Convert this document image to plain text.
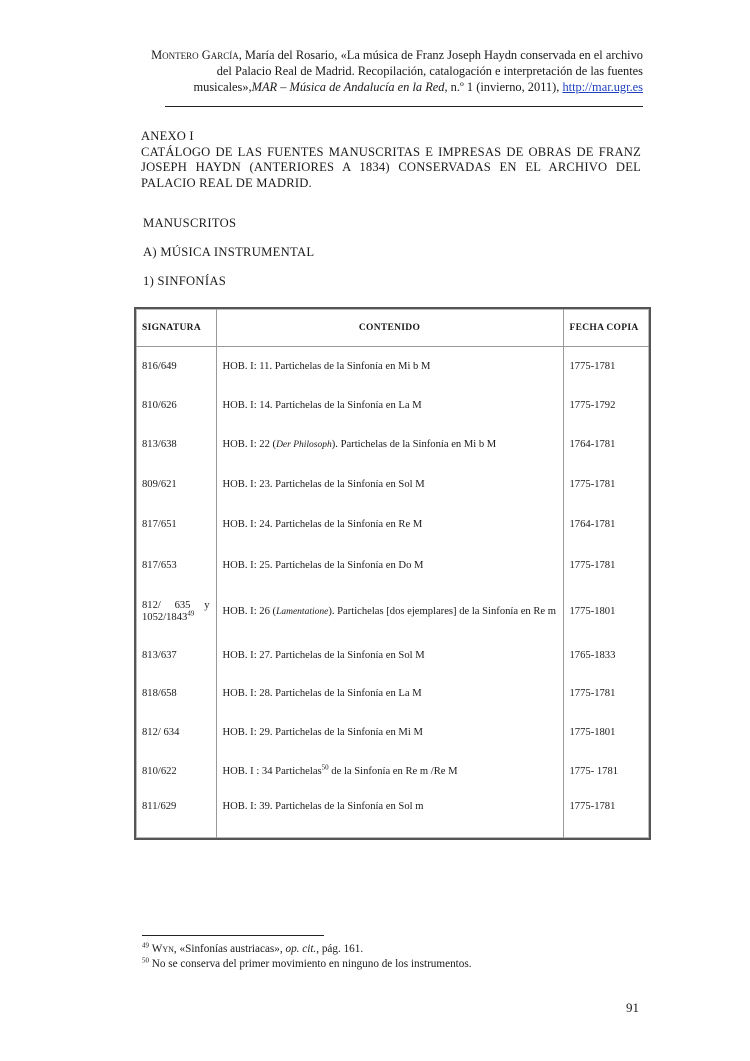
Montero García, María del Rosario, «La música de Franz Joseph Haydn conservada en el archivo del Palacio Real de Madrid. Recopilación, catalogación e interpretación de las fuentes musicales»,MAR – Música de Andalucía en la Red, n.º 1 (invierno, 2011), http://mar.ugr.es
ANEXO I
CATÁLOGO DE LAS FUENTES MANUSCRITAS E IMPRESAS DE OBRAS DE FRANZ JOSEPH HAYDN (ANTERIORES A 1834) CONSERVADAS EN EL ARCHIVO DEL PALACIO REAL DE MADRID.
MANUSCRITOS
A) MÚSICA INSTRUMENTAL
1) SINFONÍAS
SIGNATURA	CONTENIDO	FECHA COPIA
816/649	HOB. I: 11. Partichelas de la Sinfonía en Mi b M	1775-1781
810/626	HOB. I: 14. Partichelas de la Sinfonía en La M	1775-1792
813/638	HOB. I: 22 (Der Philosoph). Partichelas de la Sinfonía en Mi b M	1764-1781
809/621	HOB. I: 23. Partichelas de la Sinfonía en Sol M	1775-1781
817/651	HOB. I: 24. Partichelas de la Sinfonía en Re M	1764-1781
817/653	HOB. I: 25. Partichelas de la Sinfonía en Do M	1775-1781
812/ 635 y 1052/1843$^{49}$	HOB. I: 26 (Lamentatione). Partichelas [dos ejemplares] de la Sinfonía en Re m	1775-1801
813/637	HOB. I: 27. Partichelas de la Sinfonía en Sol M	1765-1833
818/658	HOB. I: 28. Partichelas de la Sinfonía en La M	1775-1781
812/ 634	HOB. I: 29. Partichelas de la Sinfonía en Mi M	1775-1801
810/622	HOB. I : 34 Partichelas$^{50}$ de la Sinfonía en Re m /Re M	1775- 1781
811/629	HOB. I: 39. Partichelas de la Sinfonía en Sol m	1775-1781

$^{49}$ Wyn, «Sinfonías austriacas», op. cit., pág. 161.
$^{50}$ No se conserva del primer movimiento en ninguno de los instrumentos.
91
